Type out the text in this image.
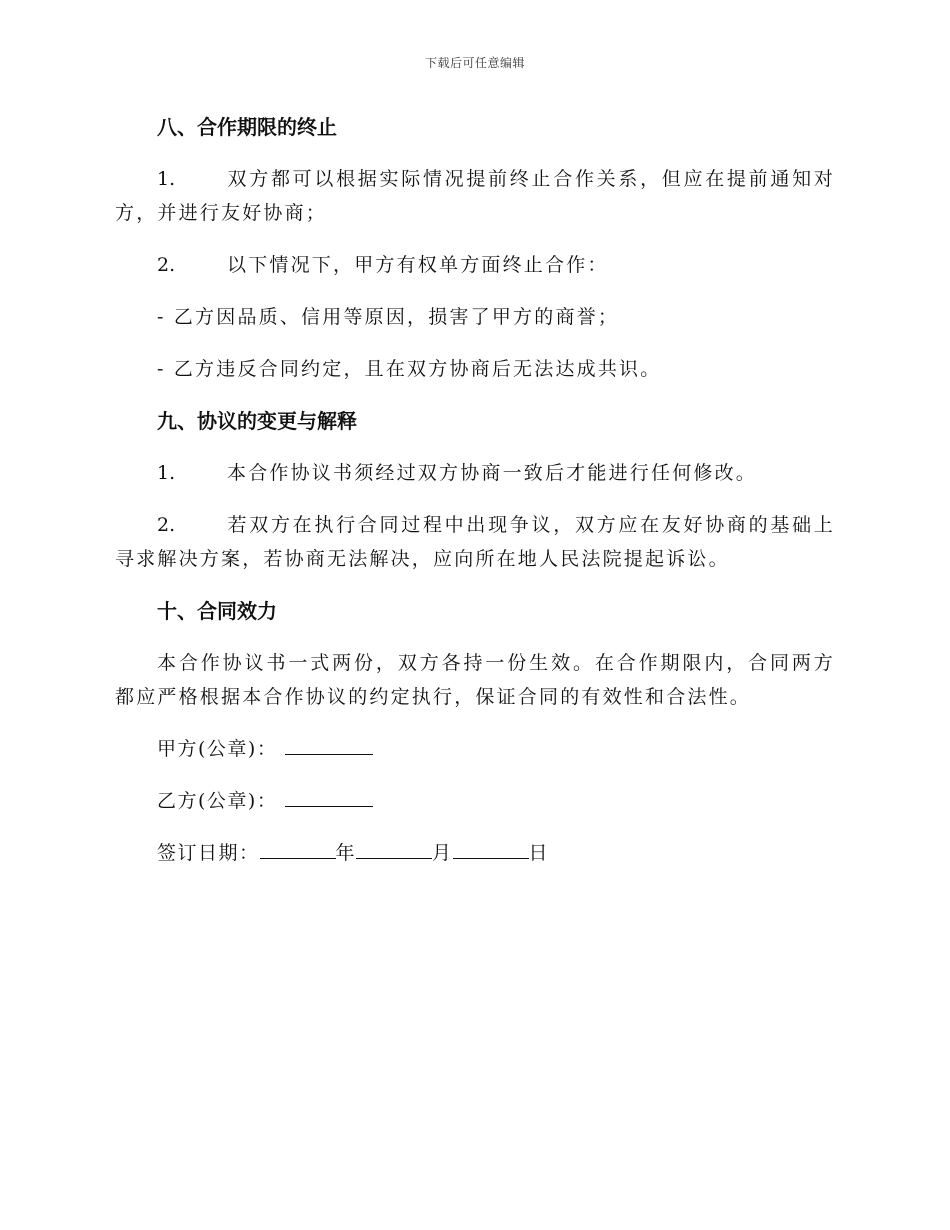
下载后可任意编辑
八、合作期限的终止

1.	双方都可以根据实际情况提前终止合作关系，但应在提前通知对方，并进行友好协商；

2.	以下情况下，甲方有权单方面终止合作：

- 乙方因品质、信用等原因，损害了甲方的商誉；

- 乙方违反合同约定，且在双方协商后无法达成共识。

九、协议的变更与解释

1.	本合作协议书须经过双方协商一致后才能进行任何修改。

2.	若双方在执行合同过程中出现争议，双方应在友好协商的基础上寻求解决方案，若协商无法解决，应向所在地人民法院提起诉讼。

十、合同效力

本合作协议书一式两份，双方各持一份生效。在合作期限内，合同两方都应严格根据本合作协议的约定执行，保证合同的有效性和合法性。

甲方(公章)：
乙方(公章)：
签订日期：	年	月	日
